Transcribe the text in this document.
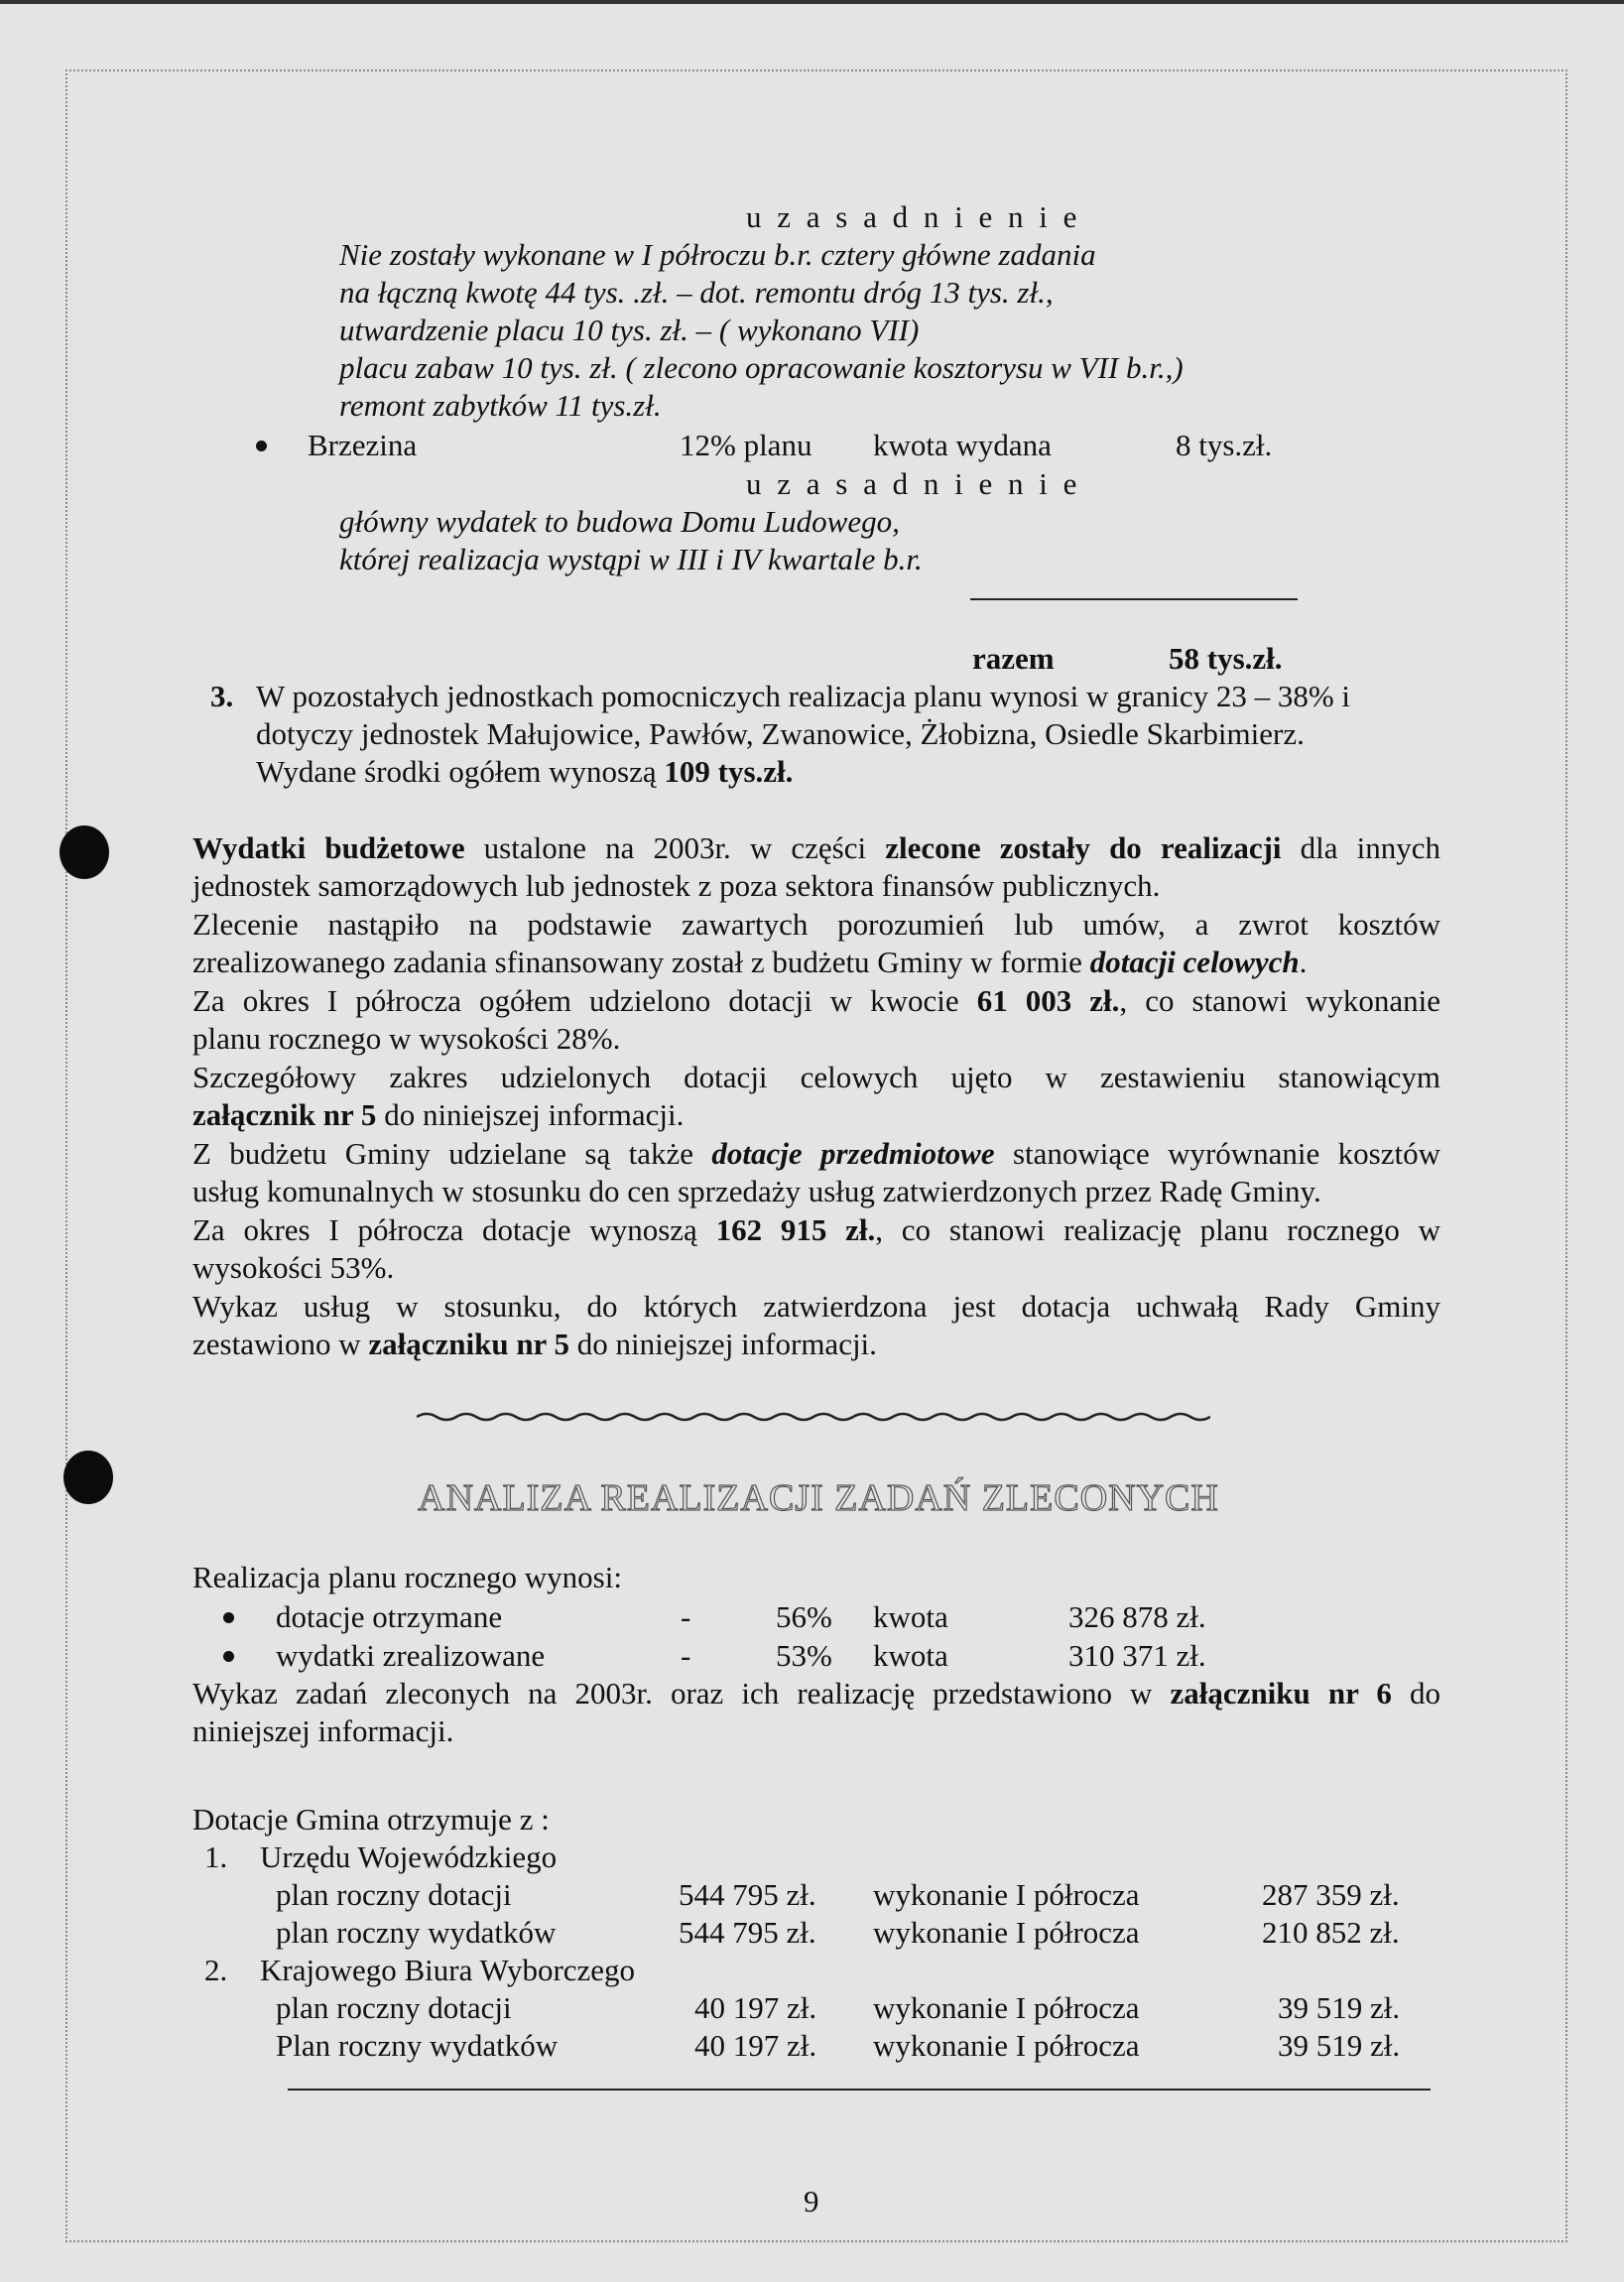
u z a s a d n i e n i e

Nie zostały wykonane w I półroczu b.r. cztery główne zadania

na łączną kwotę 44 tys. .zł. – dot. remontu dróg 13 tys. zł.,

utwardzenie placu 10 tys. zł. – ( wykonano VII)

placu zabaw 10 tys. zł. ( zlecono opracowanie kosztorysu w VII b.r.,)

remont zabytków 11 tys.zł.

Brzezina	12% planu kwota wydana	8 tys.zł.

u z a s a d n i e n i e

główny wydatek to budowa Domu Ludowego,

której realizacja wystąpi w III i IV kwartale b.r.

razem	58 tys.zł.

3. W pozostałych jednostkach pomocniczych realizacja planu wynosi w granicy 23 – 38% i

dotyczy jednostek Małujowice, Pawłów, Zwanowice, Żłobizna, Osiedle Skarbimierz.

Wydane środki ogółem wynoszą 109 tys.zł.

Wydatki budżetowe ustalone na 2003r. w części zlecone zostały do realizacji dla innych

jednostek samorządowych lub jednostek z poza sektora finansów publicznych.

Zlecenie nastąpiło na podstawie zawartych porozumień lub umów, a zwrot kosztów

zrealizowanego zadania sfinansowany został z budżetu Gminy w formie dotacji celowych.

Za okres I półrocza ogółem udzielono dotacji w kwocie 61 003 zł., co stanowi wykonanie

planu rocznego w wysokości 28%.

Szczegółowy zakres udzielonych dotacji celowych ujęto w zestawieniu stanowiącym

załącznik nr 5 do niniejszej informacji.

Z budżetu Gminy udzielane są także dotacje przedmiotowe stanowiące wyrównanie kosztów

usług komunalnych w stosunku do cen sprzedaży usług zatwierdzonych przez Radę Gminy.

Za okres I półrocza dotacje wynoszą 162 915 zł., co stanowi realizację planu rocznego w

wysokości 53%.

Wykaz usług w stosunku, do których zatwierdzona jest dotacja uchwałą Rady Gminy

zestawiono w załączniku nr 5 do niniejszej informacji.

ANALIZA REALIZACJI ZADAŃ ZLECONYCH

Realizacja planu rocznego wynosi:

dotacje otrzymane	-	56% kwota	326 878 zł.

wydatki zrealizowane	-	53% kwota	310 371 zł.

Wykaz zadań zleconych na 2003r. oraz ich realizację przedstawiono w załączniku nr 6 do

niniejszej informacji.

Dotacje Gmina otrzymuje z :

1. Urzędu Wojewódzkiego

plan roczny dotacji	544 795 zł. wykonanie I półrocza	287 359 zł.

plan roczny wydatków	544 795 zł. wykonanie I półrocza	210 852 zł.

2. Krajowego Biura Wyborczego

plan roczny dotacji	40 197 zł. wykonanie I półrocza	39 519 zł.

Plan roczny wydatków	40 197 zł. wykonanie I półrocza	39 519 zł.

9
